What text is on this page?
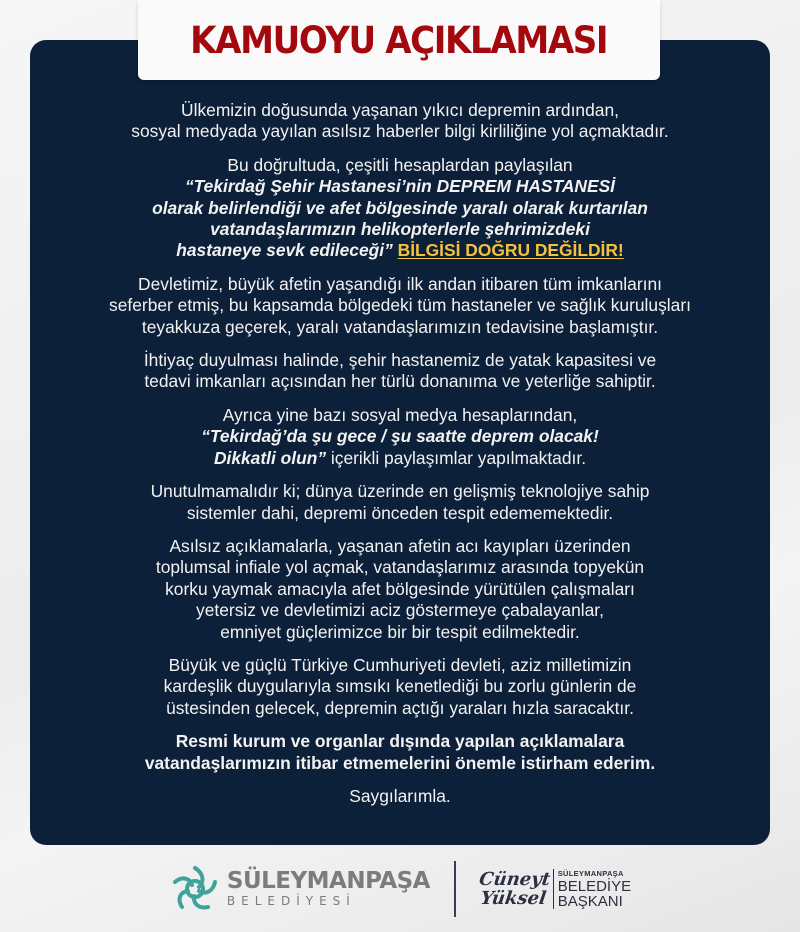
KAMUOYU AÇIKLAMASI

Ülkemizin doğusunda yaşanan yıkıcı depremin ardından,
sosyal medyada yayılan asılsız haberler bilgi kirliliğine yol açmaktadır.

Bu doğrultuda, çeşitli hesaplardan paylaşılan
“Tekirdağ Şehir Hastanesi’nin DEPREM HASTANESİ
olarak belirlendiği ve afet bölgesinde yaralı olarak kurtarılan
vatandaşlarımızın helikopterlerle şehrimizdeki
hastaneye sevk edileceği” BİLGİSİ DOĞRU DEĞİLDİR!

Devletimiz, büyük afetin yaşandığı ilk andan itibaren tüm imkanlarını
seferber etmiş, bu kapsamda bölgedeki tüm hastaneler ve sağlık kuruluşları
teyakkuza geçerek, yaralı vatandaşlarımızın tedavisine başlamıştır.

İhtiyaç duyulması halinde, şehir hastanemiz de yatak kapasitesi ve
tedavi imkanları açısından her türlü donanıma ve yeterliğe sahiptir.

Ayrıca yine bazı sosyal medya hesaplarından,
“Tekirdağ’da şu gece / şu saatte deprem olacak!
Dikkatli olun” içerikli paylaşımlar yapılmaktadır.

Unutulmamalıdır ki; dünya üzerinde en gelişmiş teknolojiye sahip
sistemler dahi, depremi önceden tespit edememektedir.

Asılsız açıklamalarla, yaşanan afetin acı kayıpları üzerinden
toplumsal infiale yol açmak, vatandaşlarımız arasında topyekün
korku yaymak amacıyla afet bölgesinde yürütülen çalışmaları
yetersiz ve devletimizi aciz göstermeye çabalayanlar,
emniyet güçlerimizce bir bir tespit edilmektedir.

Büyük ve güçlü Türkiye Cumhuriyeti devleti, aziz milletimizin
kardeşlik duygularıyla sımsıkı kenetlediği bu zorlu günlerin de
üstesinden gelecek, depremin açtığı yaraları hızla saracaktır.

Resmi kurum ve organlar dışında yapılan açıklamalara
vatandaşlarımızın itibar etmemelerini önemle istirham ederim.

Saygılarımla.

SÜLEYMANPAŞA
BELEDİYESİ
Cüneyt
Yüksel
SÜLEYMANPAŞA
BELEDİYE
BAŞKANI
